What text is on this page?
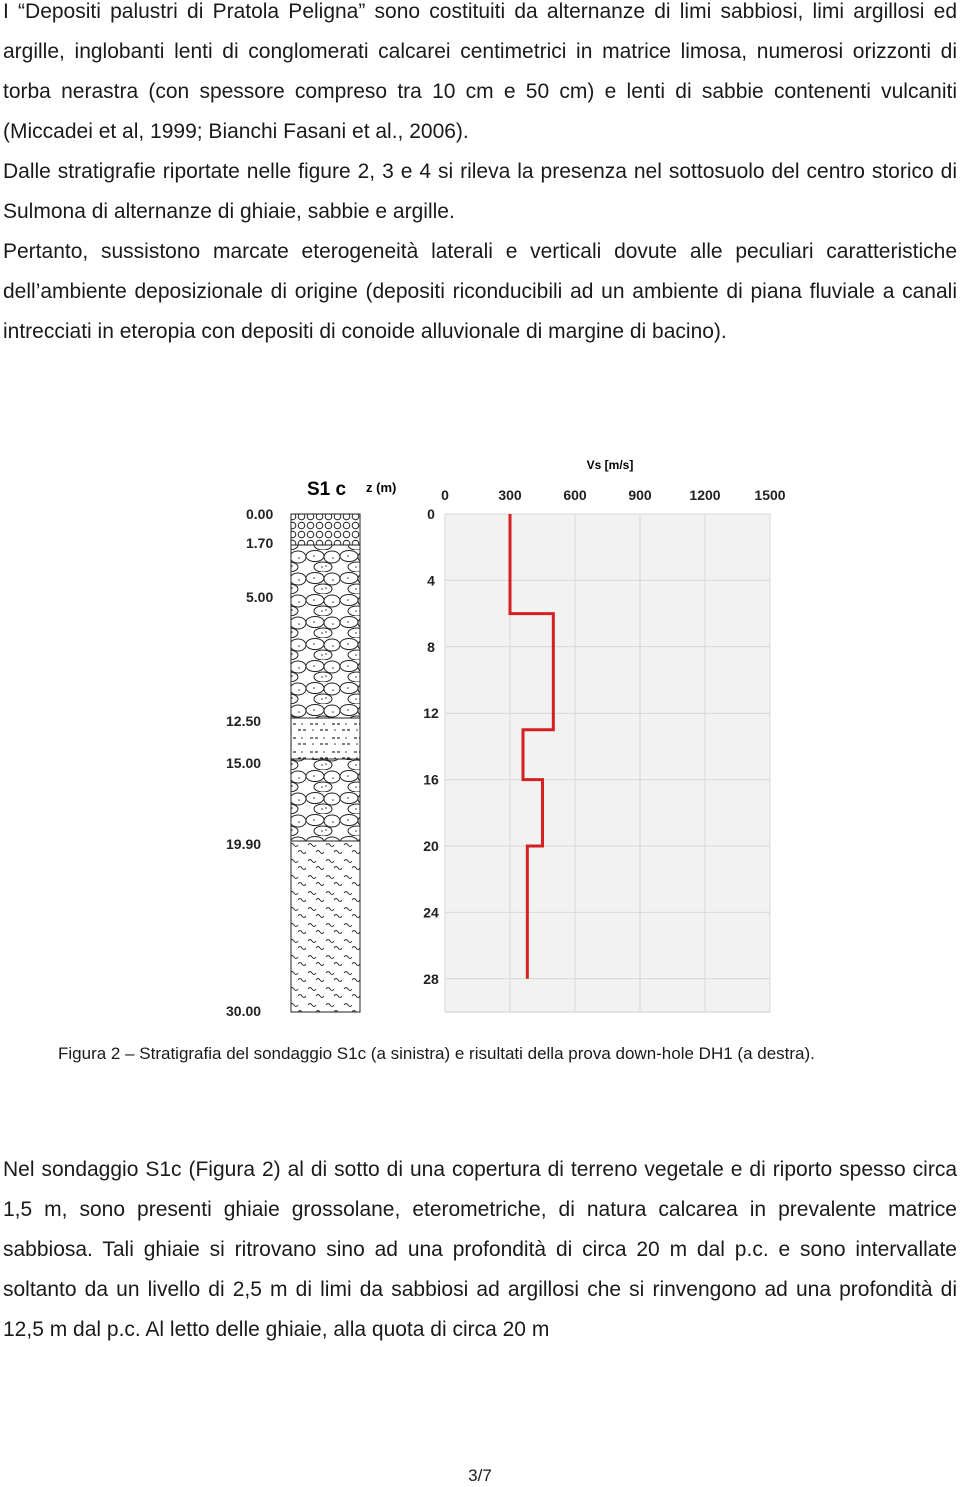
I “Depositi palustri di Pratola Peligna” sono costituiti da alternanze di limi sabbiosi, limi argillosi ed argille, inglobanti lenti di conglomerati calcarei centimetrici in matrice limosa, numerosi orizzonti di torba nerastra (con spessore compreso tra 10 cm e 50 cm) e lenti di sabbie contenenti vulcaniti (Miccadei et al, 1999; Bianchi Fasani et al., 2006).

Dalle stratigrafie riportate nelle figure 2, 3 e 4 si rileva la presenza nel sottosuolo del centro storico di Sulmona di alternanze di ghiaie, sabbie e argille.

Pertanto, sussistono marcate eterogeneità laterali e verticali dovute alle peculiari caratteristiche dell’ambiente deposizionale di origine (depositi riconducibili ad un ambiente di piana fluviale a canali intrecciati in eteropia con depositi di conoide alluvionale di margine di bacino).

S1 c z (m)
0.00
1.70
5.00
12.50
15.00
19.90
30.00
Vs [m/s]
0	300	600	900	1200 1500
0
4
8
12
16
20
24
28
Figura 2 – Stratigrafia del sondaggio S1c (a sinistra) e risultati della prova down-hole DH1 (a destra).

Nel sondaggio S1c (Figura 2) al di sotto di una copertura di terreno vegetale e di riporto spesso circa 1,5 m, sono presenti ghiaie grossolane, eterometriche, di natura calcarea in prevalente matrice sabbiosa. Tali ghiaie si ritrovano sino ad una profondità di circa 20 m dal p.c. e sono intervallate soltanto da un livello di 2,5 m di limi da sabbiosi ad argillosi che si rinvengono ad una profondità di 12,5 m dal p.c. Al letto delle ghiaie, alla quota di circa 20 m

3/7
